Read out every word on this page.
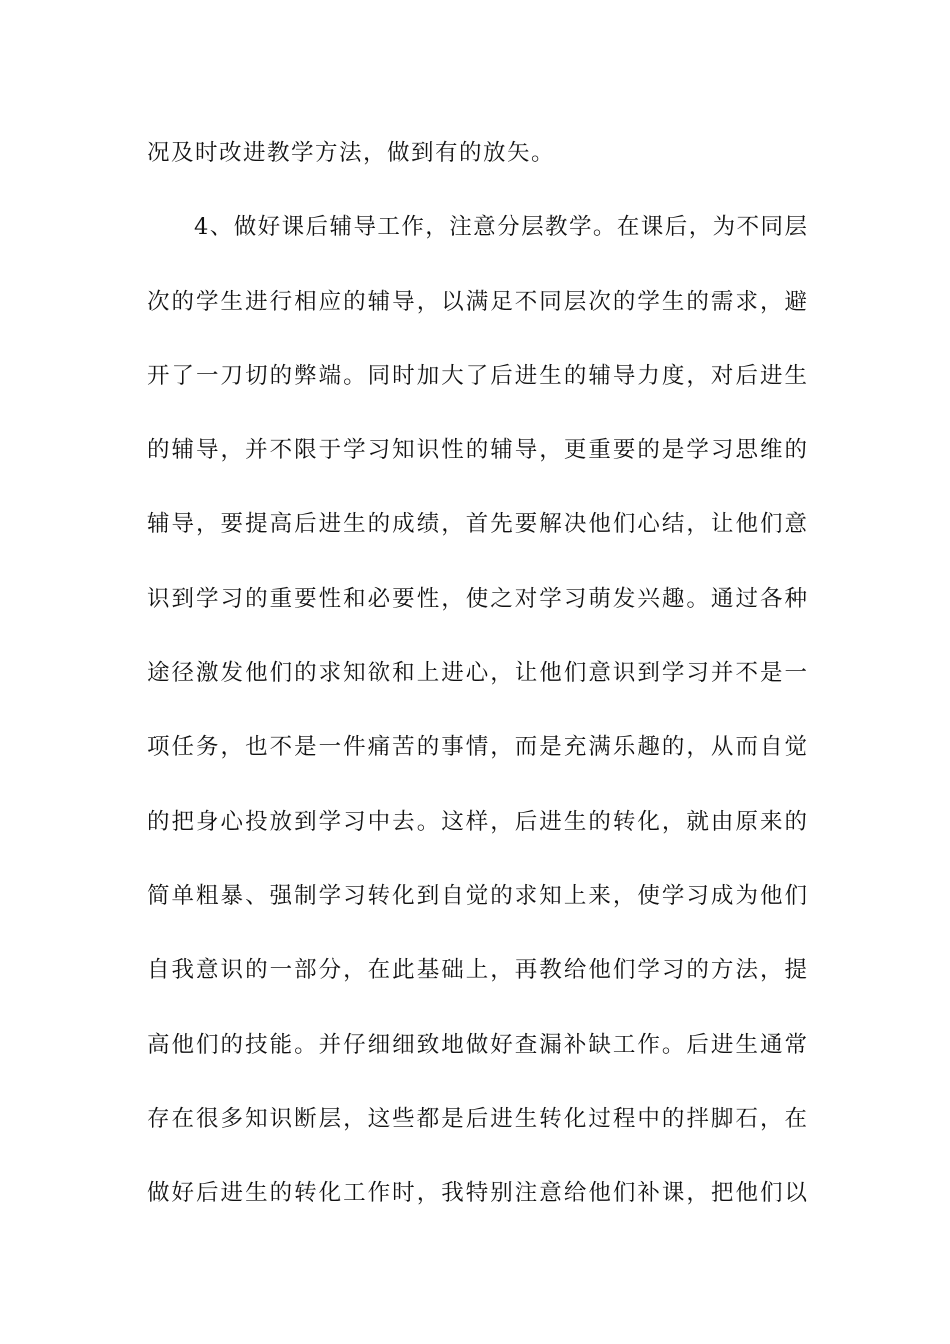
况及时改进教学方法，做到有的放矢。
4、做好课后辅导工作，注意分层教学。在课后，为不同层
次的学生进行相应的辅导，以满足不同层次的学生的需求，避
开了一刀切的弊端。同时加大了后进生的辅导力度，对后进生
的辅导，并不限于学习知识性的辅导，更重要的是学习思维的
辅导，要提高后进生的成绩，首先要解决他们心结，让他们意
识到学习的重要性和必要性，使之对学习萌发兴趣。通过各种
途径激发他们的求知欲和上进心，让他们意识到学习并不是一
项任务，也不是一件痛苦的事情，而是充满乐趣的，从而自觉
的把身心投放到学习中去。这样，后进生的转化，就由原来的
简单粗暴、强制学习转化到自觉的求知上来，使学习成为他们
自我意识的一部分，在此基础上，再教给他们学习的方法，提
高他们的技能。并仔细细致地做好查漏补缺工作。后进生通常
存在很多知识断层，这些都是后进生转化过程中的拌脚石，在
做好后进生的转化工作时，我特别注意给他们补课，把他们以
